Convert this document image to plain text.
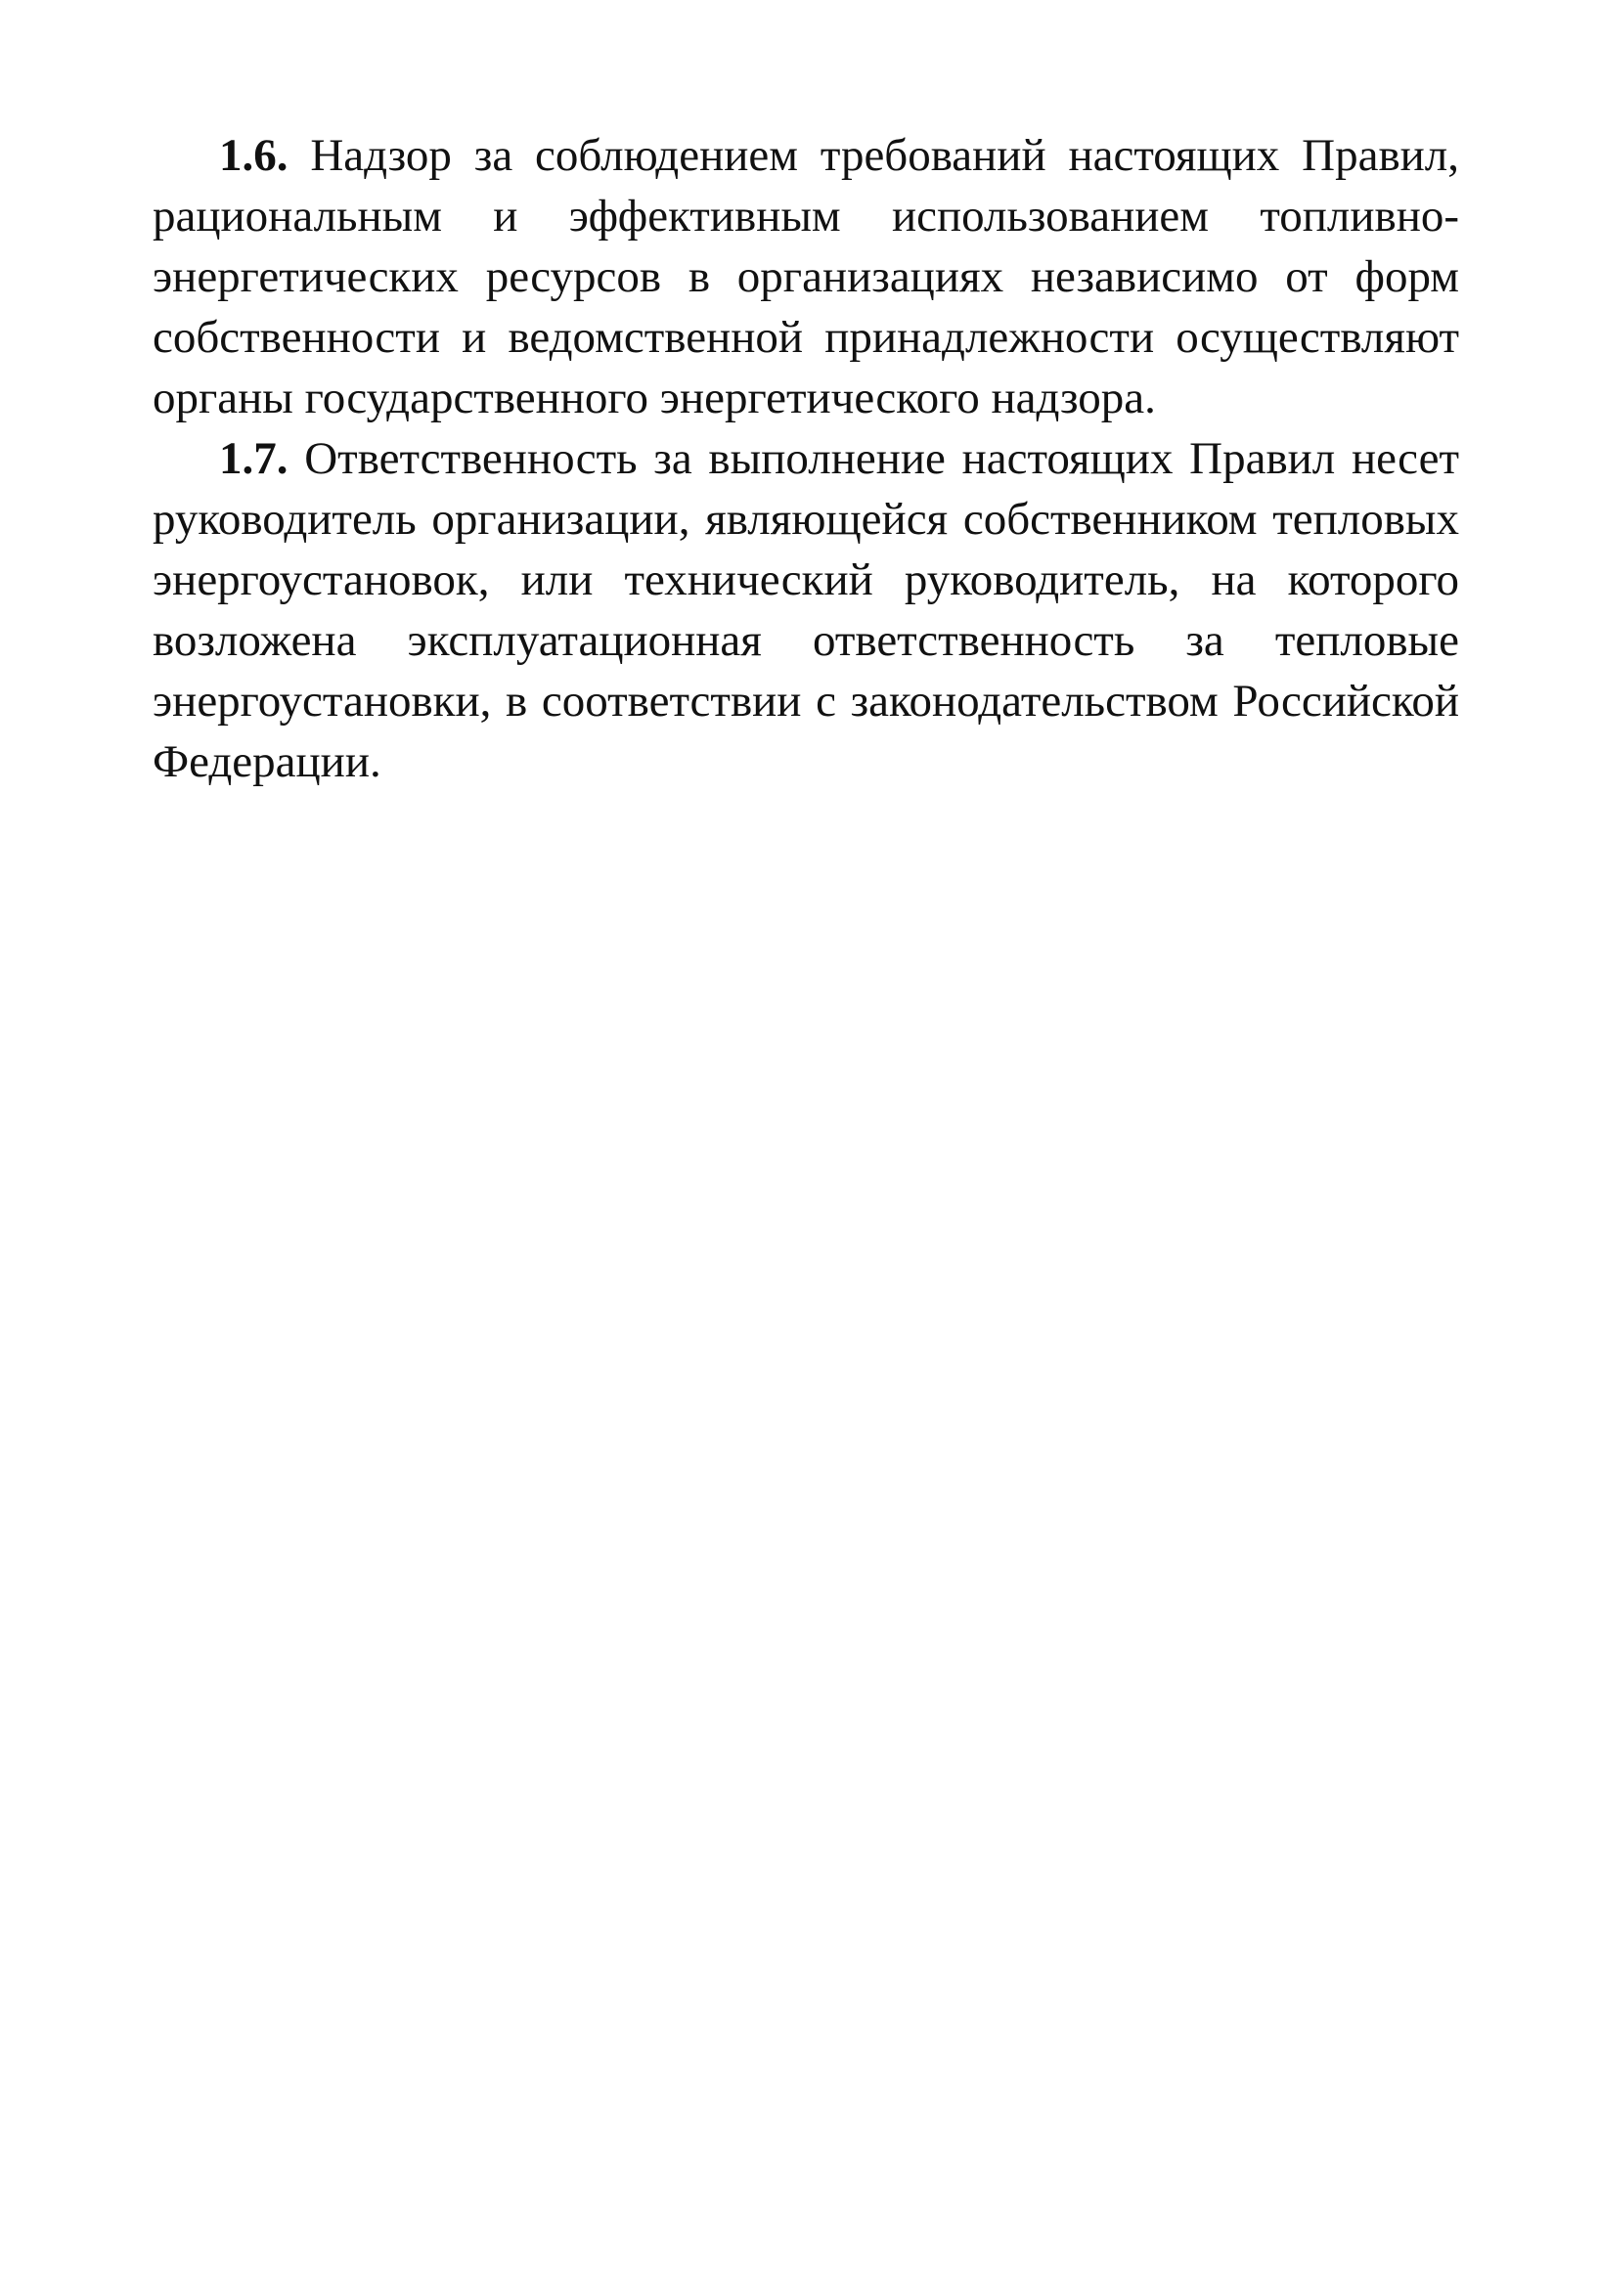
1.6. Надзор за соблюдением требований настоящих Правил, рациональным и эффективным использованием топливно-энергетических ресурсов в организациях независимо от форм собственности и ведомственной принадлежности осуществляют органы государственного энергетического надзора.

1.7. Ответственность за выполнение настоящих Правил несет руководитель организации, являющейся собственником тепловых энергоустановок, или технический руководитель, на которого возложена эксплуатационная ответственность за тепловые энергоустановки, в соответствии с законодательством Российской Федерации.
